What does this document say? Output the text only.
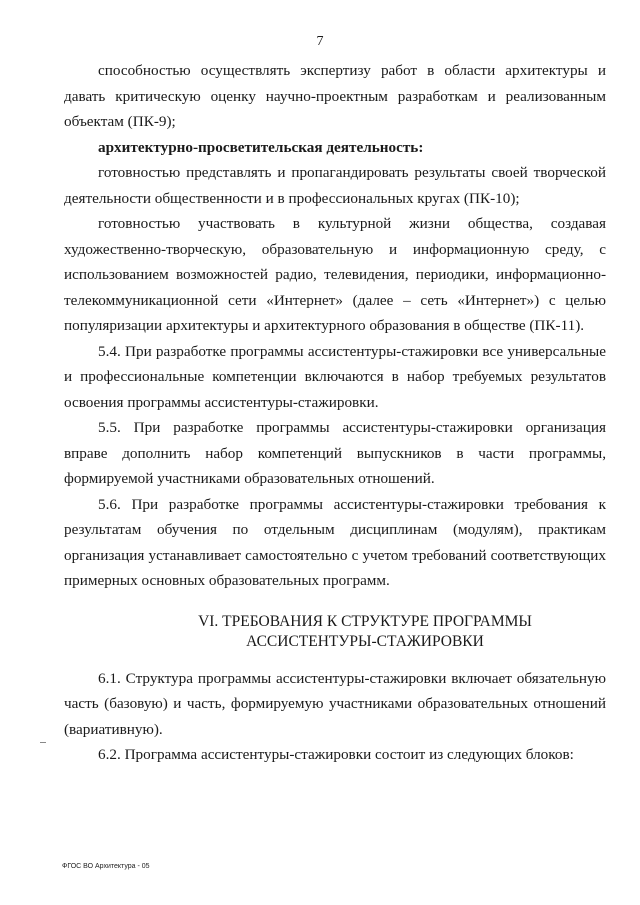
7

способностью осуществлять экспертизу работ в области архитектуры и давать критическую оценку научно-проектным разработкам и реализованным объектам (ПК-9);

архитектурно-просветительская деятельность:

готовностью представлять и пропагандировать результаты своей творческой деятельности общественности и в профессиональных кругах (ПК-10);

готовностью участвовать в культурной жизни общества, создавая художественно-творческую, образовательную и информационную среду, с использованием возможностей радио, телевидения, периодики, информационно-телекоммуникационной сети «Интернет» (далее – сеть «Интернет») с целью популяризации архитектуры и архитектурного образования в обществе (ПК-11).

5.4. При разработке программы ассистентуры-стажировки все универсальные и профессиональные компетенции включаются в набор требуемых результатов освоения программы ассистентуры-стажировки.

5.5. При разработке программы ассистентуры-стажировки организация вправе дополнить набор компетенций выпускников в части программы, формируемой участниками образовательных отношений.

5.6. При разработке программы ассистентуры-стажировки требования к результатам обучения по отдельным дисциплинам (модулям), практикам организация устанавливает самостоятельно с учетом требований соответствующих примерных основных образовательных программ.

VI. ТРЕБОВАНИЯ К СТРУКТУРЕ ПРОГРАММЫ
АССИСТЕНТУРЫ-СТАЖИРОВКИ

6.1. Структура программы ассистентуры-стажировки включает обязательную часть (базовую) и часть, формируемую участниками образовательных отношений (вариативную).

6.2. Программа ассистентуры-стажировки состоит из следующих блоков:

ФГОС ВО Архитектура - 05
